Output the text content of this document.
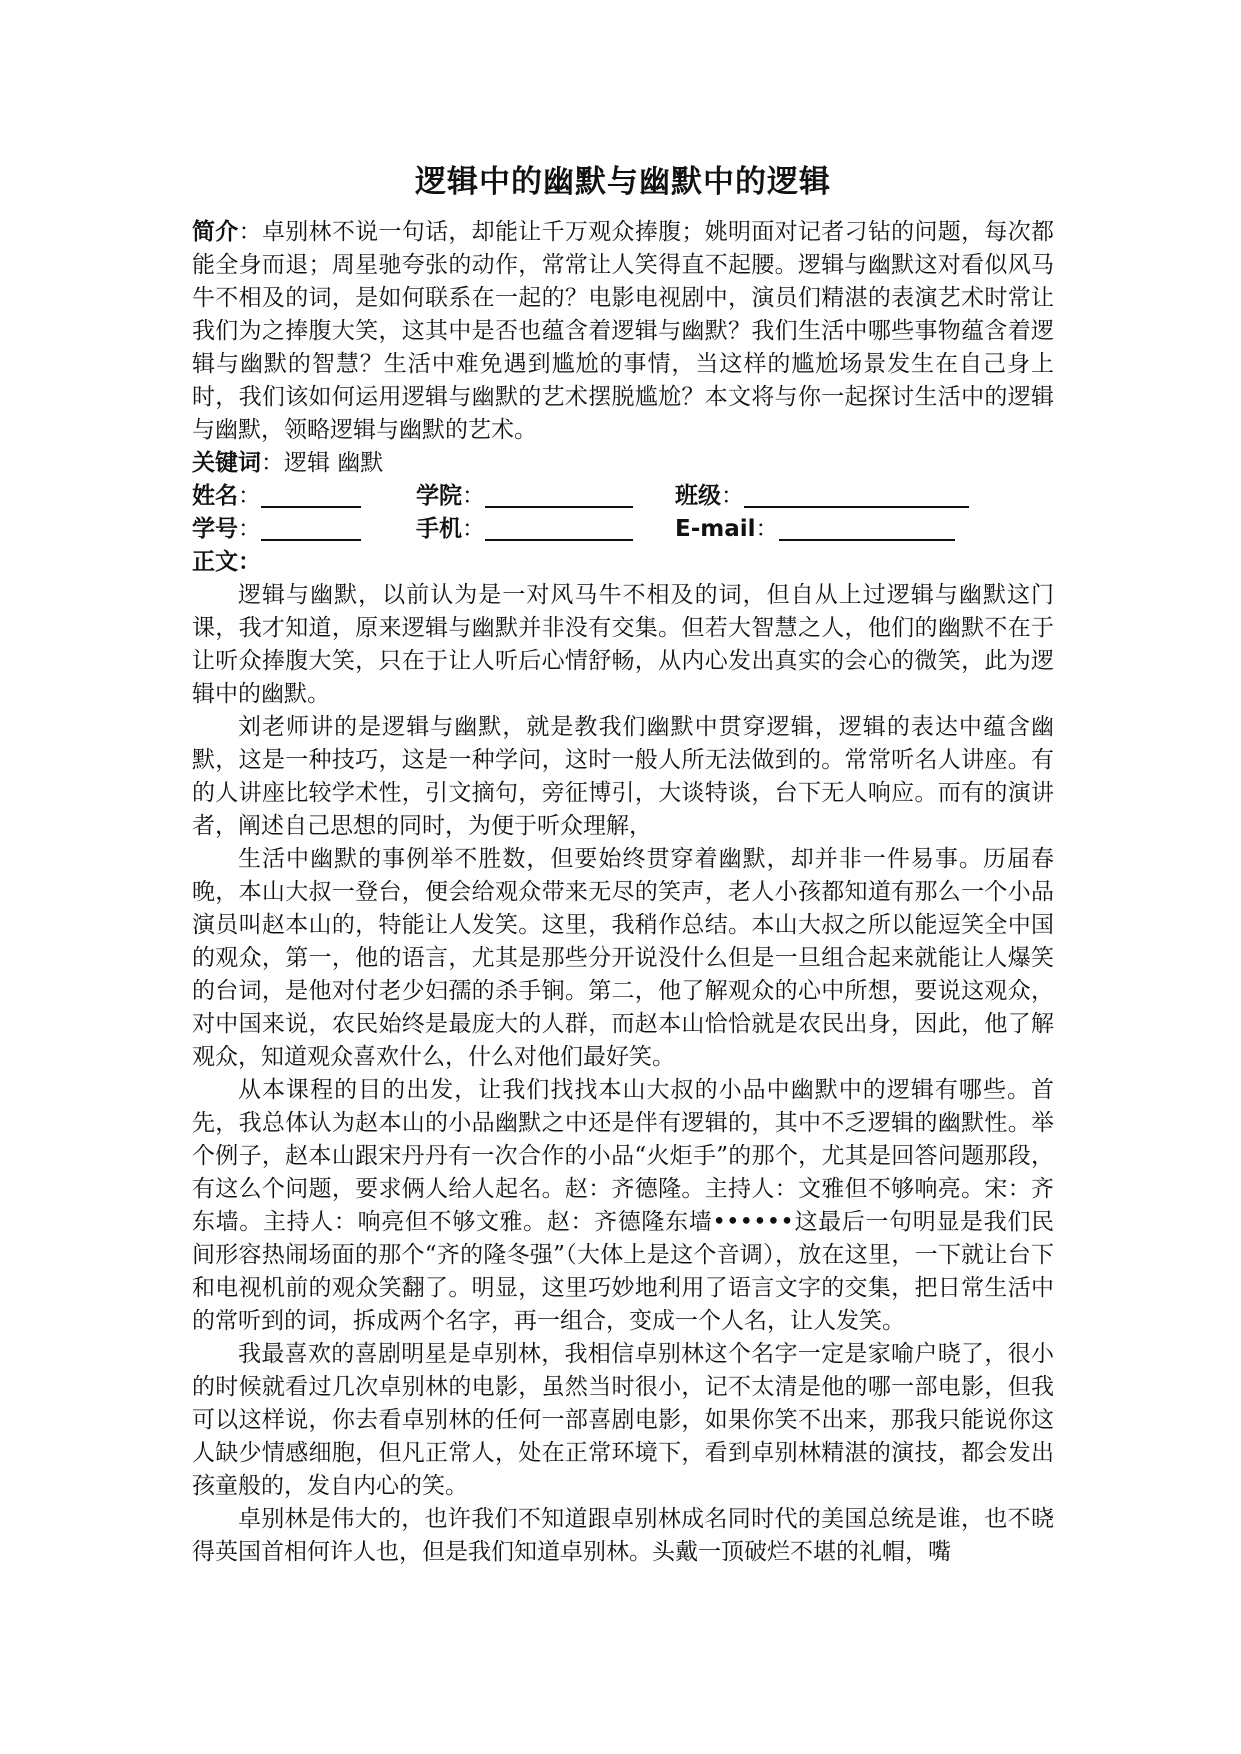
逻辑中的幽默与幽默中的逻辑
简介：卓别林不说一句话，却能让千万观众捧腹；姚明面对记者刁钻的问题，每次都能全身而退；周星驰夸张的动作，常常让人笑得直不起腰。逻辑与幽默这对看似风马牛不相及的词，是如何联系在一起的？电影电视剧中，演员们精湛的表演艺术时常让我们为之捧腹大笑，这其中是否也蕴含着逻辑与幽默？我们生活中哪些事物蕴含着逻辑与幽默的智慧？生活中难免遇到尴尬的事情，当这样的尴尬场景发生在自己身上时，我们该如何运用逻辑与幽默的艺术摆脱尴尬？本文将与你一起探讨生活中的逻辑与幽默，领略逻辑与幽默的艺术。
关键词：逻辑 幽默
姓名：	学院：	班级：
学号：	手机：	E-mail：
正文：

逻辑与幽默，以前认为是一对风马牛不相及的词，但自从上过逻辑与幽默这门课，我才知道，原来逻辑与幽默并非没有交集。但若大智慧之人，他们的幽默不在于让听众捧腹大笑，只在于让人听后心情舒畅，从内心发出真实的会心的微笑，此为逻辑中的幽默。

刘老师讲的是逻辑与幽默，就是教我们幽默中贯穿逻辑，逻辑的表达中蕴含幽默，这是一种技巧，这是一种学问，这时一般人所无法做到的。常常听名人讲座。有的人讲座比较学术性，引文摘句，旁征博引，大谈特谈，台下无人响应。而有的演讲者，阐述自己思想的同时，为便于听众理解，

生活中幽默的事例举不胜数，但要始终贯穿着幽默，却并非一件易事。历届春晚，本山大叔一登台，便会给观众带来无尽的笑声，老人小孩都知道有那么一个小品演员叫赵本山的，特能让人发笑。这里，我稍作总结。本山大叔之所以能逗笑全中国的观众，第一，他的语言，尤其是那些分开说没什么但是一旦组合起来就能让人爆笑的台词，是他对付老少妇孺的杀手锏。第二，他了解观众的心中所想，要说这观众，对中国来说，农民始终是最庞大的人群，而赵本山恰恰就是农民出身，因此，他了解观众，知道观众喜欢什么，什么对他们最好笑。

从本课程的目的出发，让我们找找本山大叔的小品中幽默中的逻辑有哪些。首先，我总体认为赵本山的小品幽默之中还是伴有逻辑的，其中不乏逻辑的幽默性。举个例子，赵本山跟宋丹丹有一次合作的小品“火炬手”的那个，尤其是回答问题那段，有这么个问题，要求俩人给人起名。赵：齐德隆。主持人：文雅但不够响亮。宋：齐东墙。主持人：响亮但不够文雅。赵：齐德隆东墙••••••这最后一句明显是我们民间形容热闹场面的那个“齐的隆冬强”（大体上是这个音调），放在这里，一下就让台下和电视机前的观众笑翻了。明显，这里巧妙地利用了语言文字的交集，把日常生活中的常听到的词，拆成两个名字，再一组合，变成一个人名，让人发笑。

我最喜欢的喜剧明星是卓别林，我相信卓别林这个名字一定是家喻户晓了，很小的时候就看过几次卓别林的电影，虽然当时很小，记不太清是他的哪一部电影，但我可以这样说，你去看卓别林的任何一部喜剧电影，如果你笑不出来，那我只能说你这人缺少情感细胞，但凡正常人，处在正常环境下，看到卓别林精湛的演技，都会发出孩童般的，发自内心的笑。

卓别林是伟大的，也许我们不知道跟卓别林成名同时代的美国总统是谁，也不晓得英国首相何许人也，但是我们知道卓别林。头戴一顶破烂不堪的礼帽，嘴
